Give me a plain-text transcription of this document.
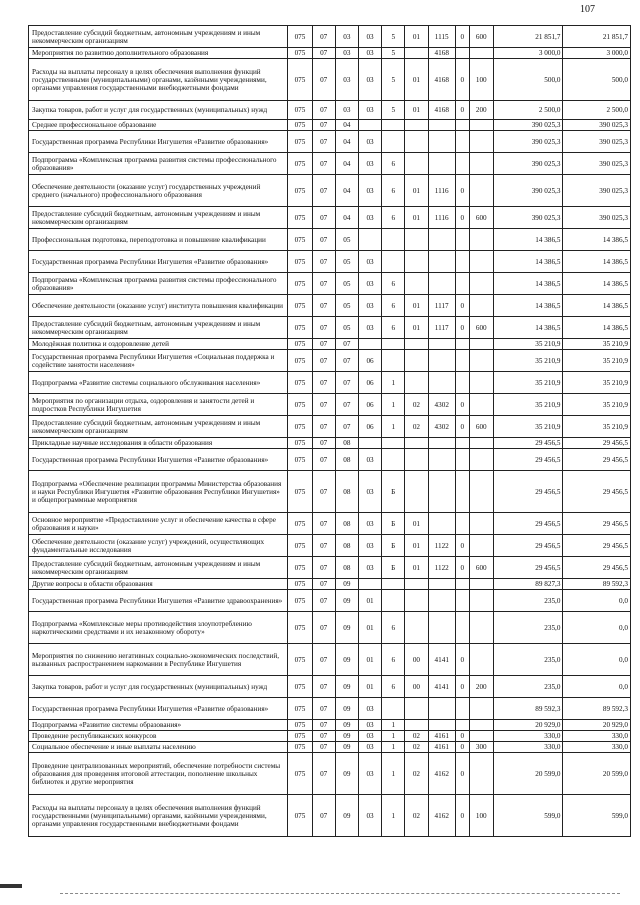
107
Предоставление субсидий бюджетным, автономным учреждениям и иным некоммерческим организациям	075	07	03	03	5	01	1115	0	600	21 851,7	21 851,7
Мероприятия по развитию дополнительного образования	075	07	03	03	5		4168			3 000,0	3 000,0
Расходы на выплаты персоналу в целях обеспечения выполнения функций государственными (муниципальными) органами, казёнными учреждениями, органами управления государственными внебюджетными фондами	075	07	03	03	5	01	4168	0	100	500,0	500,0
Закупка товаров, работ и услуг для государственных (муниципальных) нужд	075	07	03	03	5	01	4168	0	200	2 500,0	2 500,0
Среднее профессиональное образование	075	07	04							390 025,3	390 025,3
Государственная программа Республики Ингушетия «Развитие образования»	075	07	04	03						390 025,3	390 025,3
Подпрограмма «Комплексная программа развития системы профессионального образования»	075	07	04	03	6					390 025,3	390 025,3
Обеспечение деятельности (оказание услуг) государственных учреждений среднего (начального) профессионального образования	075	07	04	03	6	01	1116	0		390 025,3	390 025,3
Предоставление субсидий бюджетным, автономным учреждениям и иным некоммерческим организациям	075	07	04	03	6	01	1116	0	600	390 025,3	390 025,3
Профессиональная подготовка, переподготовка и повышение квалификации	075	07	05							14 386,5	14 386,5
Государственная программа Республики Ингушетия «Развитие образования»	075	07	05	03						14 386,5	14 386,5
Подпрограмма «Комплексная программа развития системы профессионального образования»	075	07	05	03	6					14 386,5	14 386,5
Обеспечение деятельности (оказание услуг) института повышения квалификации	075	07	05	03	6	01	1117	0		14 386,5	14 386,5
Предоставление субсидий бюджетным, автономным учреждениям и иным некоммерческим организациям	075	07	05	03	6	01	1117	0	600	14 386,5	14 386,5
Молодёжная политика и оздоровление детей	075	07	07							35 210,9	35 210,9
Государственная программа Республики Ингушетия «Социальная поддержка и содействие занятости населения»	075	07	07	06						35 210,9	35 210,9
Подпрограмма «Развитие системы социального обслуживания населения»	075	07	07	06	1					35 210,9	35 210,9
Мероприятия по организации отдыха, оздоровления и занятости детей и подростков Республики Ингушетия	075	07	07	06	1	02	4302	0		35 210,9	35 210,9
Предоставление субсидий бюджетным, автономным учреждениям и иным некоммерческим организациям	075	07	07	06	1	02	4302	0	600	35 210,9	35 210,9
Прикладные научные исследования в области образования	075	07	08							29 456,5	29 456,5
Государственная программа Республики Ингушетия «Развитие образования»	075	07	08	03						29 456,5	29 456,5
Подпрограмма «Обеспечение реализации программы Министерства образования и науки Республики Ингушетия «Развитие образования Республики Ингушетия» и общепрограммные мероприятия	075	07	08	03	Б					29 456,5	29 456,5
Основное мероприятие «Предоставление услуг и обеспечение качества в сфере образования и науки»	075	07	08	03	Б	01				29 456,5	29 456,5
Обеспечение деятельности (оказание услуг) учреждений, осуществляющих фундаментальные исследования	075	07	08	03	Б	01	1122	0		29 456,5	29 456,5
Предоставление субсидий бюджетным, автономным учреждениям и иным некоммерческим организациям	075	07	08	03	Б	01	1122	0	600	29 456,5	29 456,5
Другие вопросы в области образования	075	07	09							89 827,3	89 592,3
Государственная программа Республики Ингушетия «Развитие здравоохранения»	075	07	09	01						235,0	0,0
Подпрограмма «Комплексные меры противодействия злоупотреблению наркотическими средствами и их незаконному обороту»	075	07	09	01	6					235,0	0,0
Мероприятия по снижению негативных социально-экономических последствий, вызванных распространением наркомании в Республике Ингушетия	075	07	09	01	6	00	4141	0		235,0	0,0
Закупка товаров, работ и услуг для государственных (муниципальных) нужд	075	07	09	01	6	00	4141	0	200	235,0	0,0
Государственная программа Республики Ингушетия «Развитие образования»	075	07	09	03						89 592,3	89 592,3
Подпрограмма «Развитие системы образования»	075	07	09	03	1					20 929,0	20 929,0
Проведение республиканских конкурсов	075	07	09	03	1	02	4161	0		330,0	330,0
Социальное обеспечение и иные выплаты населению	075	07	09	03	1	02	4161	0	300	330,0	330,0
Проведение централизованных мероприятий, обеспечение потребности системы образования для проведения итоговой аттестации, пополнение школьных библиотек и другие мероприятия	075	07	09	03	1	02	4162	0		20 599,0	20 599,0
Расходы на выплаты персоналу в целях обеспечения выполнения функций государственными (муниципальными) органами, казёнными учреждениями, органами управления государственными внебюджетными фондами	075	07	09	03	1	02	4162	0	100	599,0	599,0
